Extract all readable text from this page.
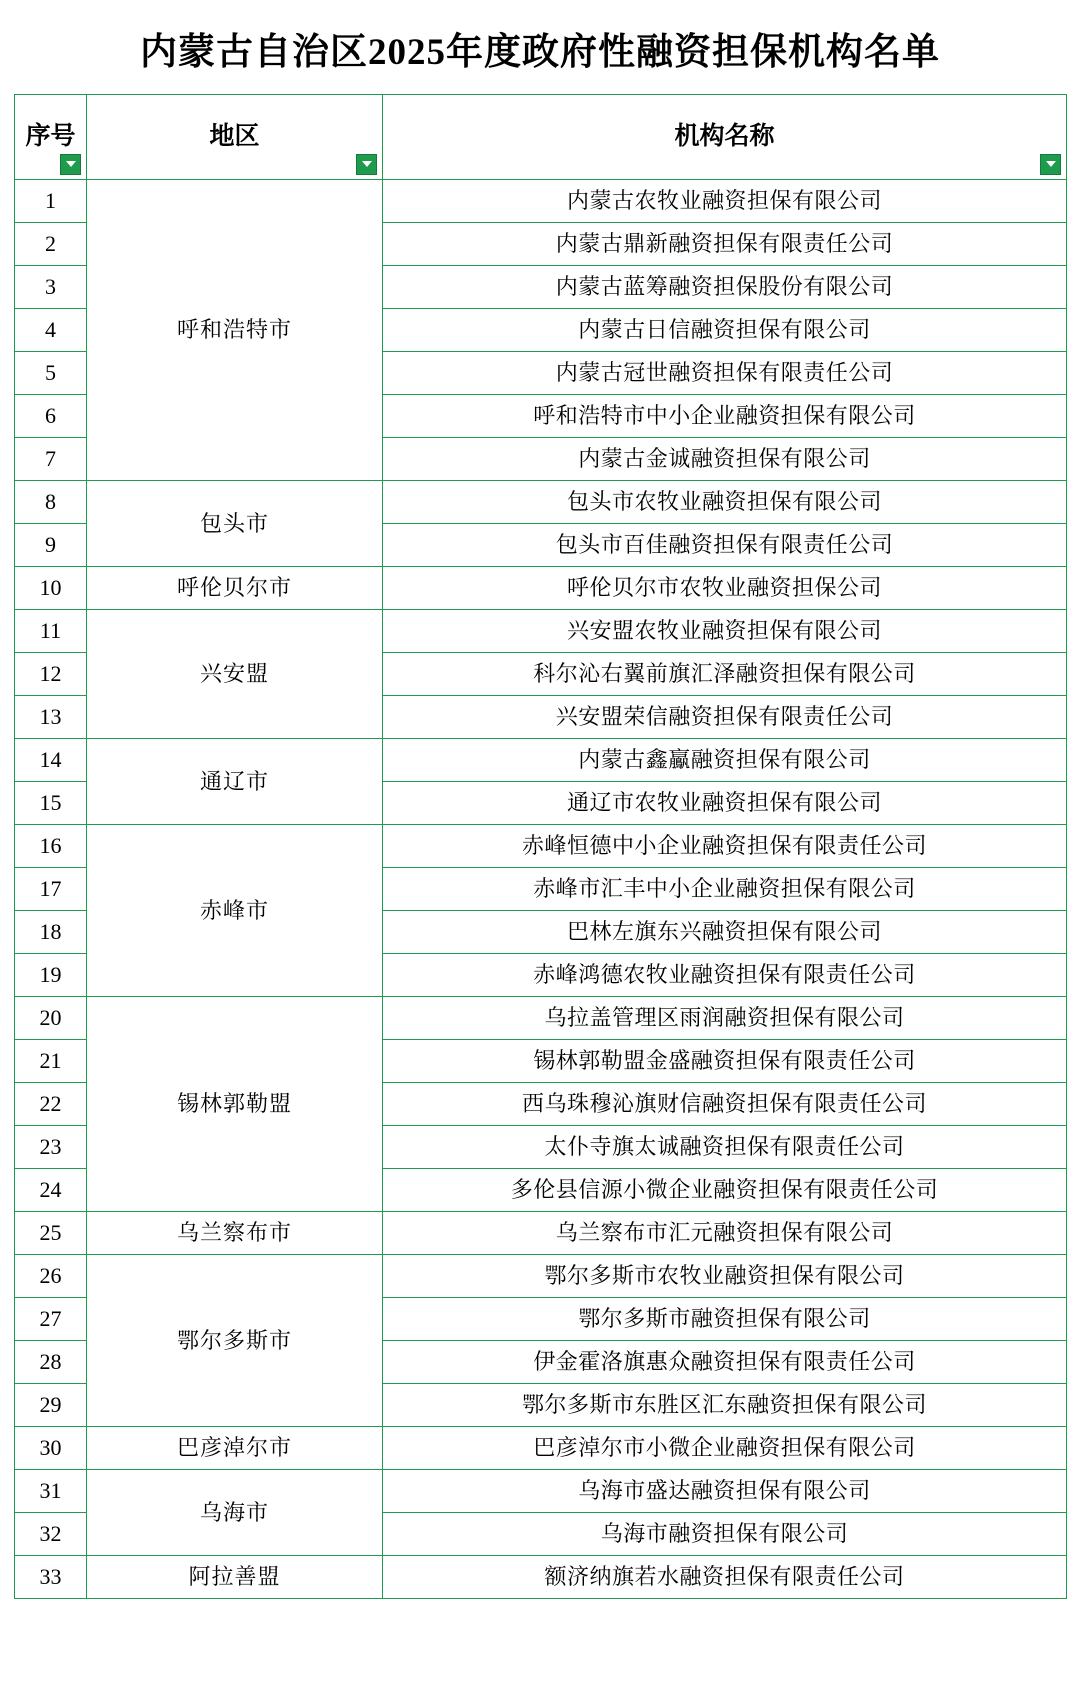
内蒙古自治区2025年度政府性融资担保机构名单
序号	地区	机构名称

1	呼和浩特市	内蒙古农牧业融资担保有限公司
2		内蒙古鼎新融资担保有限责任公司
3		内蒙古蓝筹融资担保股份有限公司
4		内蒙古日信融资担保有限公司
5		内蒙古冠世融资担保有限责任公司
6		呼和浩特市中小企业融资担保有限公司
7		内蒙古金诚融资担保有限公司
8	包头市	包头市农牧业融资担保有限公司
9		包头市百佳融资担保有限责任公司
10	呼伦贝尔市	呼伦贝尔市农牧业融资担保公司
11	兴安盟	兴安盟农牧业融资担保有限公司
12		科尔沁右翼前旗汇泽融资担保有限公司
13		兴安盟荣信融资担保有限责任公司
14	通辽市	内蒙古鑫鸁融资担保有限公司
15		通辽市农牧业融资担保有限公司
16	赤峰市	赤峰恒德中小企业融资担保有限责任公司
17		赤峰市汇丰中小企业融资担保有限公司
18		巴林左旗东兴融资担保有限公司
19		赤峰鸿德农牧业融资担保有限责任公司
20	锡林郭勒盟	乌拉盖管理区雨润融资担保有限公司
21		锡林郭勒盟金盛融资担保有限责任公司
22		西乌珠穆沁旗财信融资担保有限责任公司
23		太仆寺旗太诚融资担保有限责任公司
24		多伦县信源小微企业融资担保有限责任公司
25	乌兰察布市	乌兰察布市汇元融资担保有限公司
26	鄂尔多斯市	鄂尔多斯市农牧业融资担保有限公司
27		鄂尔多斯市融资担保有限公司
28		伊金霍洛旗惠众融资担保有限责任公司
29		鄂尔多斯市东胜区汇东融资担保有限公司
30	巴彦淖尔市	巴彦淖尔市小微企业融资担保有限公司
31	乌海市	乌海市盛达融资担保有限公司
32		乌海市融资担保有限公司
33	阿拉善盟	额济纳旗若水融资担保有限责任公司
